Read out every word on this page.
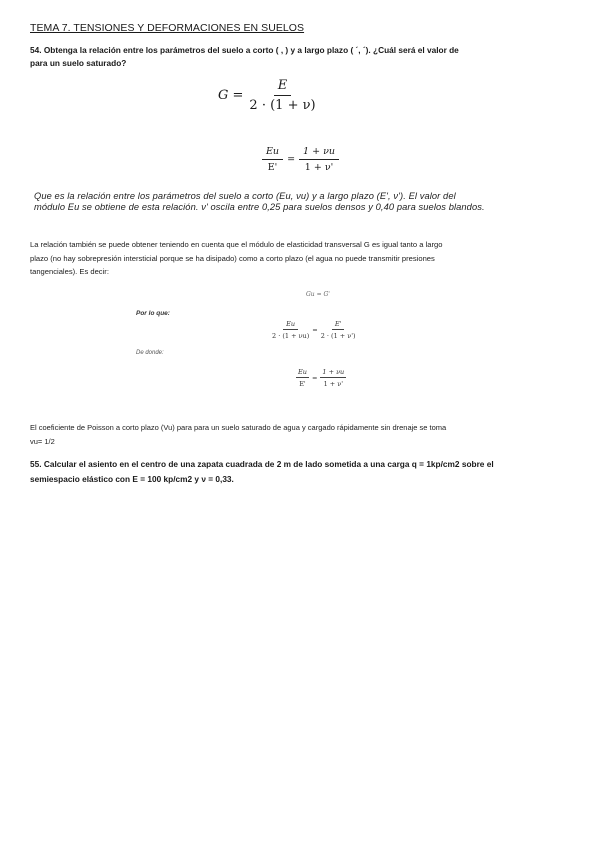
TEMA 7. TENSIONES Y DEFORMACIONES EN SUELOS

54. Obtenga la relación entre los parámetros del suelo a corto ( , ) y a largo plazo ( ´, ´). ¿Cuál será el valor de
para un suelo saturado?

$G = \frac{E}{2 \cdot (1 + \nu)}$
$\frac{Eu}{E'} = \frac{1 + \nu u}{1 + \nu'}$
Que es la relación entre los parámetros del suelo a corto (Eu, νu) y a largo plazo (E', ν'). El valor del
módulo Eu se obtiene de esta relación. ν' oscila entre 0,25 para suelos densos y 0,40 para suelos blandos.
La relación también se puede obtener teniendo en cuenta que el módulo de elasticidad transversal G es igual tanto a largo
plazo (no hay sobrepresión intersticial porque se ha disipado) como a corto plazo (el agua no puede transmitir presiones
tangenciales). Es decir:
Gu = G'
Por lo que:
$\frac{Eu}{2 \cdot (1 + \nu u)} = \frac{E'}{2 \cdot (1 + \nu')}$
De donde:
$\frac{Eu}{E'} = \frac{1 + \nu u}{1 + \nu'}$
El coeficiente de Poisson a corto plazo (Vu) para para un suelo saturado de agua y cargado rápidamente sin drenaje se toma
vu= 1/2
55. Calcular el asiento en el centro de una zapata cuadrada de 2 m de lado sometida a una carga q = 1kp/cm2 sobre el
semiespacio elástico con E = 100 kp/cm2 y ν = 0,33.
